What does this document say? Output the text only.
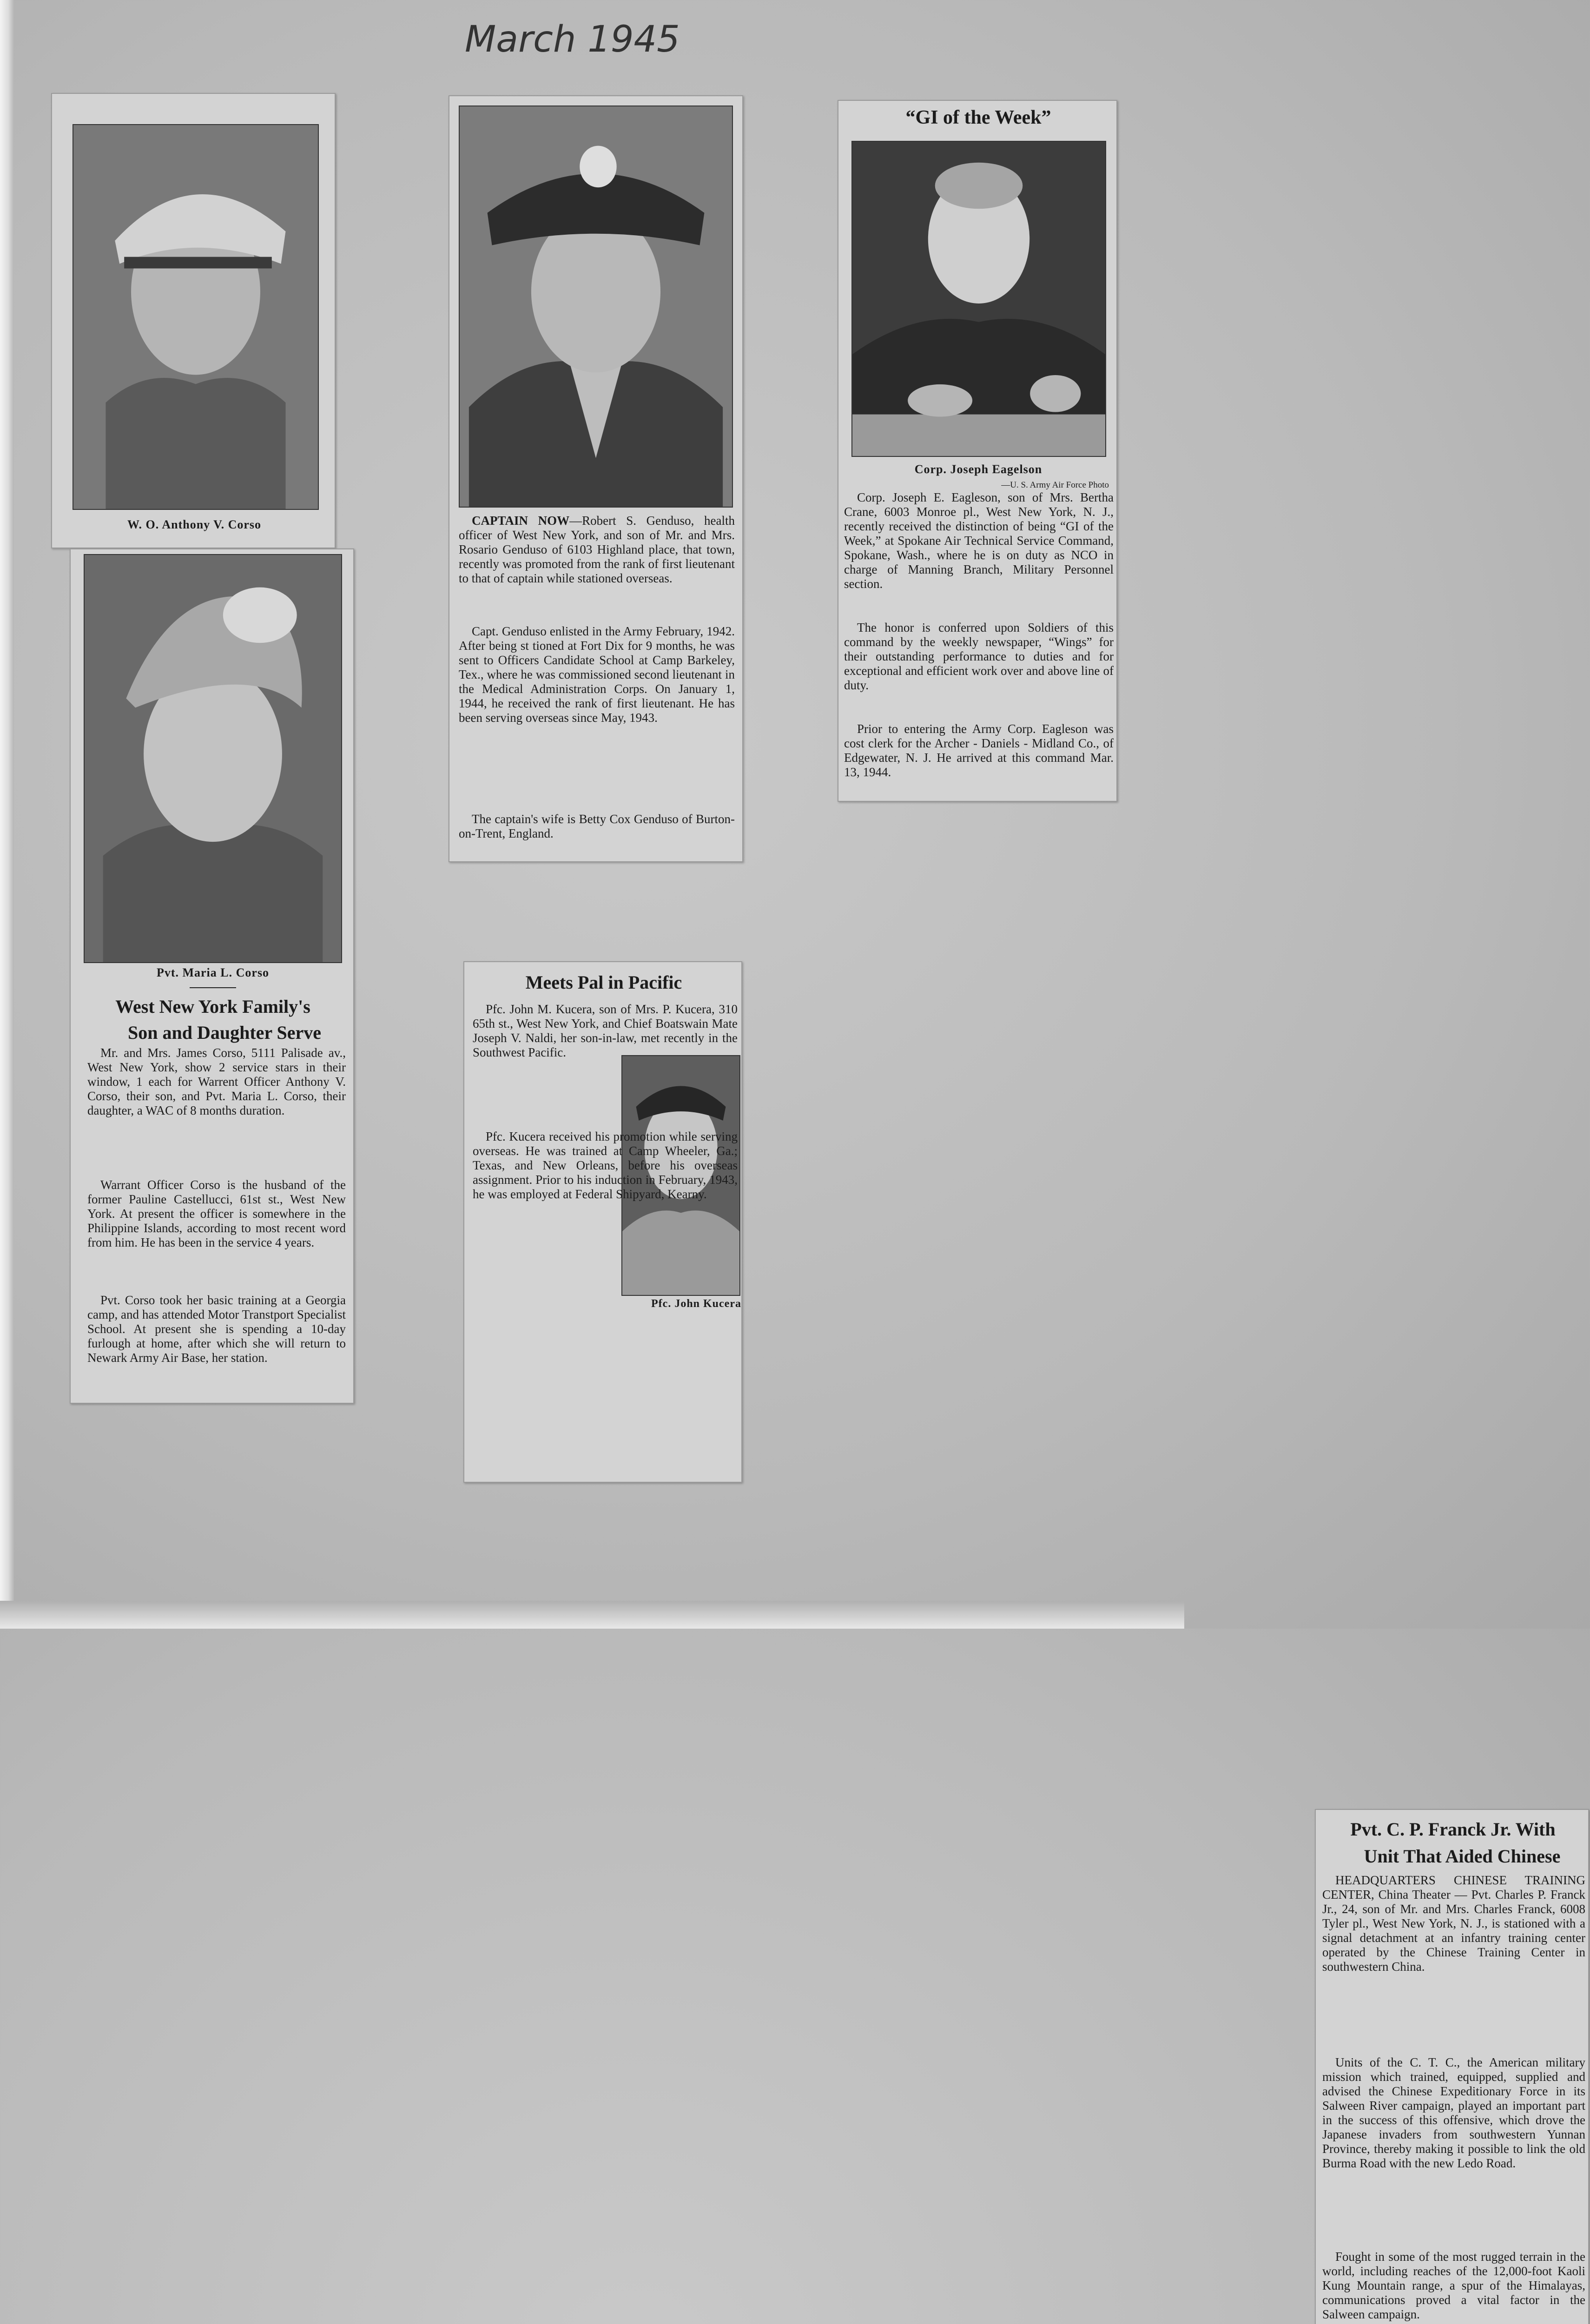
March 1945
W. O. Anthony V. Corso
Pvt. Maria L. Corso
West New York Family's
Son and Daughter Serve

Mr. and Mrs. James Corso, 5111 Palisade av., West New York, show 2 service stars in their window, 1 each for Warrent Officer Anthony V. Corso, their son, and Pvt. Maria L. Corso, their daughter, a WAC of 8 months duration.

Warrant Officer Corso is the husband of the former Pauline Castellucci, 61st st., West New York. At present the officer is somewhere in the Philippine Islands, according to most recent word from him. He has been in the service 4 years.

Pvt. Corso took her basic training at a Georgia camp, and has attended Motor Transtport Specialist School. At present she is spending a 10-day furlough at home, after which she will return to Newark Army Air Base, her station.

CAPTAIN NOW—Robert S. Genduso, health officer of West New York, and son of Mr. and Mrs. Rosario Genduso of 6103 Highland place, that town, recently was promoted from the rank of first lieutenant to that of captain while stationed overseas.

Capt. Genduso enlisted in the Army February, 1942. After being st tioned at Fort Dix for 9 months, he was sent to Officers Candidate School at Camp Barkeley, Tex., where he was commissioned second lieutenant in the Medical Administration Corps. On January 1, 1944, he received the rank of first lieutenant. He has been serving overseas since May, 1943.

The captain's wife is Betty Cox Genduso of Burton-on-Trent, England.

“GI of the Week”
Corp. Joseph Eagelson
—U. S. Army Air Force Photo

Corp. Joseph E. Eagleson, son of Mrs. Bertha Crane, 6003 Monroe pl., West New York, N. J., recently received the distinction of being “GI of the Week,” at Spokane Air Technical Service Command, Spokane, Wash., where he is on duty as NCO in charge of Manning Branch, Military Personnel section.

The honor is conferred upon Soldiers of this command by the weekly newspaper, “Wings” for their outstanding performance to duties and for exceptional and efficient work over and above line of duty.

Prior to entering the Army Corp. Eagleson was cost clerk for the Archer - Daniels - Midland Co., of Edgewater, N. J. He arrived at this command Mar. 13, 1944.

Meets Pal in Pacific

Pfc. John M. Kucera, son of Mrs. P. Kucera, 310 65th st., West New York, and Chief Boatswain Mate Joseph V. Naldi, her son-in-law, met recently in the Southwest Pacific.

Pfc. Kucera received his promotion while serving overseas. He was trained at Camp Wheeler, Ga.; Texas, and New Orleans, before his overseas assignment. Prior to his induction in February, 1943, he was employed at Federal Shipyard, Kearny.

Pfc. John Kucera
Pvt. C. P. Franck Jr. With
Unit That Aided Chinese

HEADQUARTERS CHINESE TRAINING CENTER, China Theater — Pvt. Charles P. Franck Jr., 24, son of Mr. and Mrs. Charles Franck, 6008 Tyler pl., West New York, N. J., is stationed with a signal detachment at an infantry training center operated by the Chinese Training Center in southwestern China.

Units of the C. T. C., the American military mission which trained, equipped, supplied and advised the Chinese Expeditionary Force in its Salween River campaign, played an important part in the success of this offensive, which drove the Japanese invaders from southwestern Yunnan Province, thereby making it possible to link the old Burma Road with the new Ledo Road.

Fought in some of the most rugged terrain in the world, including reaches of the 12,000-foot Kaoli Kung Mountain range, a spur of the Himalayas, communications proved a vital factor in the Salween campaign.
